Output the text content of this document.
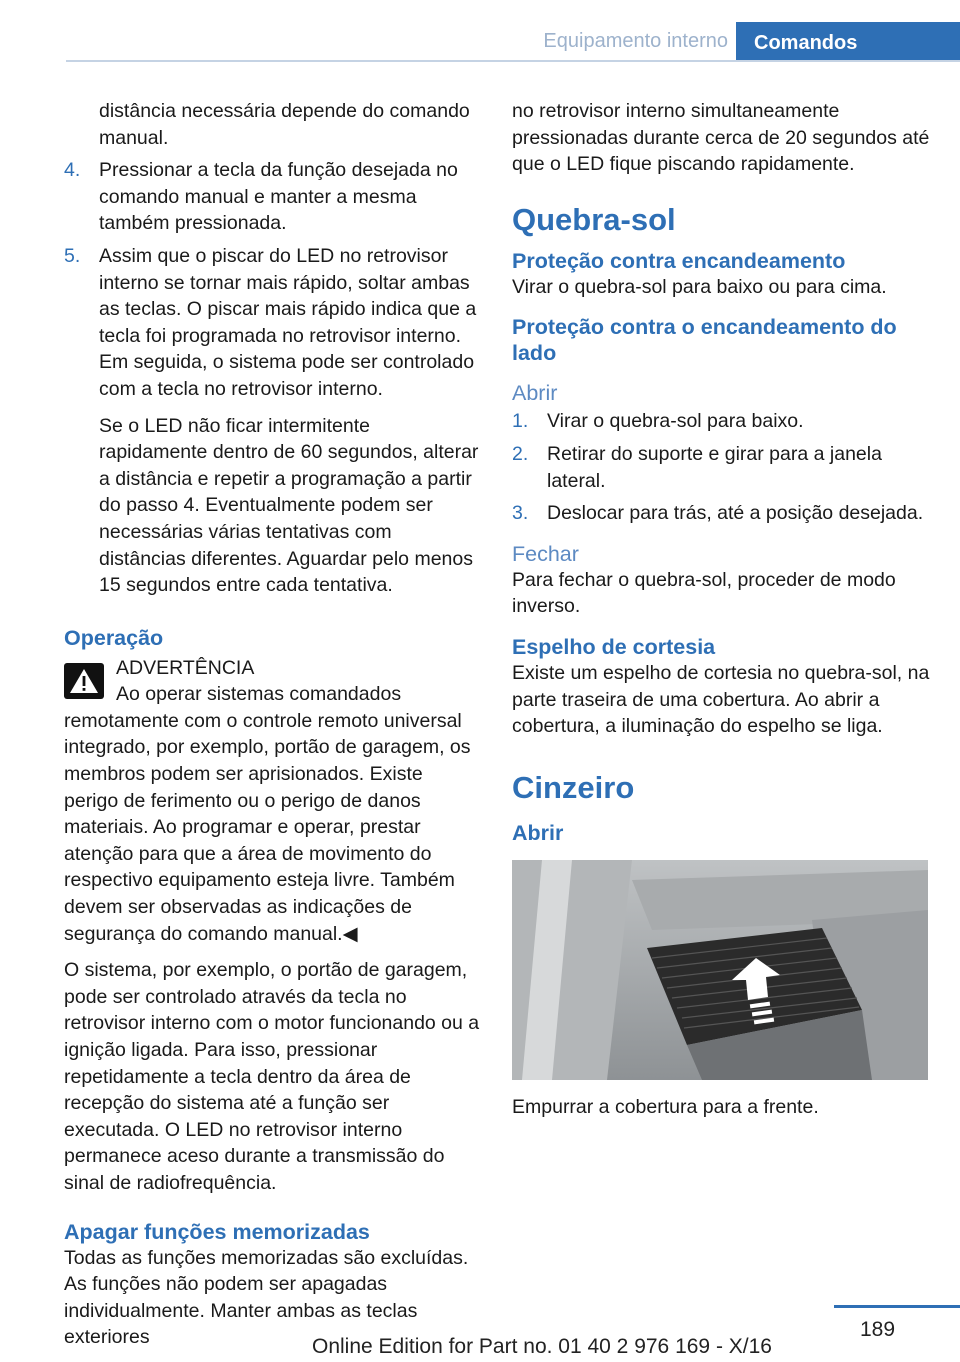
Equipamento interno	Comandos

distância necessária depende do comando manual.

4. Pressionar a tecla da função desejada no comando manual e manter a mesma também pressionada.
5. Assim que o piscar do LED no retrovisor interno se tornar mais rápido, soltar ambas as teclas. O piscar mais rápido indica que a tecla foi programada no retrovisor interno. Em seguida, o sistema pode ser controlado com a tecla no retrovisor interno.

Se o LED não ficar intermitente rapidamente dentro de 60 segundos, alterar a distância e repetir a programação a partir do passo 4. Eventualmente podem ser necessárias várias tentativas com distâncias diferentes. Aguardar pelo menos 15 segundos entre cada tentativa.

Operação
ADVERTÊNCIA

Ao operar sistemas comandados remotamente com o controle remoto universal integrado, por exemplo, portão de garagem, os membros podem ser aprisionados. Existe perigo de ferimento ou o perigo de danos materiais. Ao programar e operar, prestar atenção para que a área de movimento do respectivo equipamento esteja livre. Também devem ser observadas as indicações de segurança do comando manual.◀

O sistema, por exemplo, o portão de garagem, pode ser controlado através da tecla no retrovisor interno com o motor funcionando ou a ignição ligada. Para isso, pressionar repetidamente a tecla dentro da área de recepção do sistema até a função ser executada. O LED no retrovisor interno permanece aceso durante a transmissão do sinal de radiofrequência.

Apagar funções memorizadas

Todas as funções memorizadas são excluídas. As funções não podem ser apagadas individualmente. Manter ambas as teclas exteriores

no retrovisor interno simultaneamente pressionadas durante cerca de 20 segundos até que o LED fique piscando rapidamente.

Quebra-sol
Proteção contra encandeamento

Virar o quebra-sol para baixo ou para cima.

Proteção contra o encandeamento do lado
Abrir
1. Virar o quebra-sol para baixo.
2. Retirar do suporte e girar para a janela lateral.
3. Deslocar para trás, até a posição desejada.
Fechar

Para fechar o quebra-sol, proceder de modo inverso.

Espelho de cortesia

Existe um espelho de cortesia no quebra-sol, na parte traseira de uma cobertura. Ao abrir a cobertura, a iluminação do espelho se liga.

Cinzeiro
Abrir

Empurrar a cobertura para a frente.

189
Online Edition for Part no. 01 40 2 976 169 - X/16
